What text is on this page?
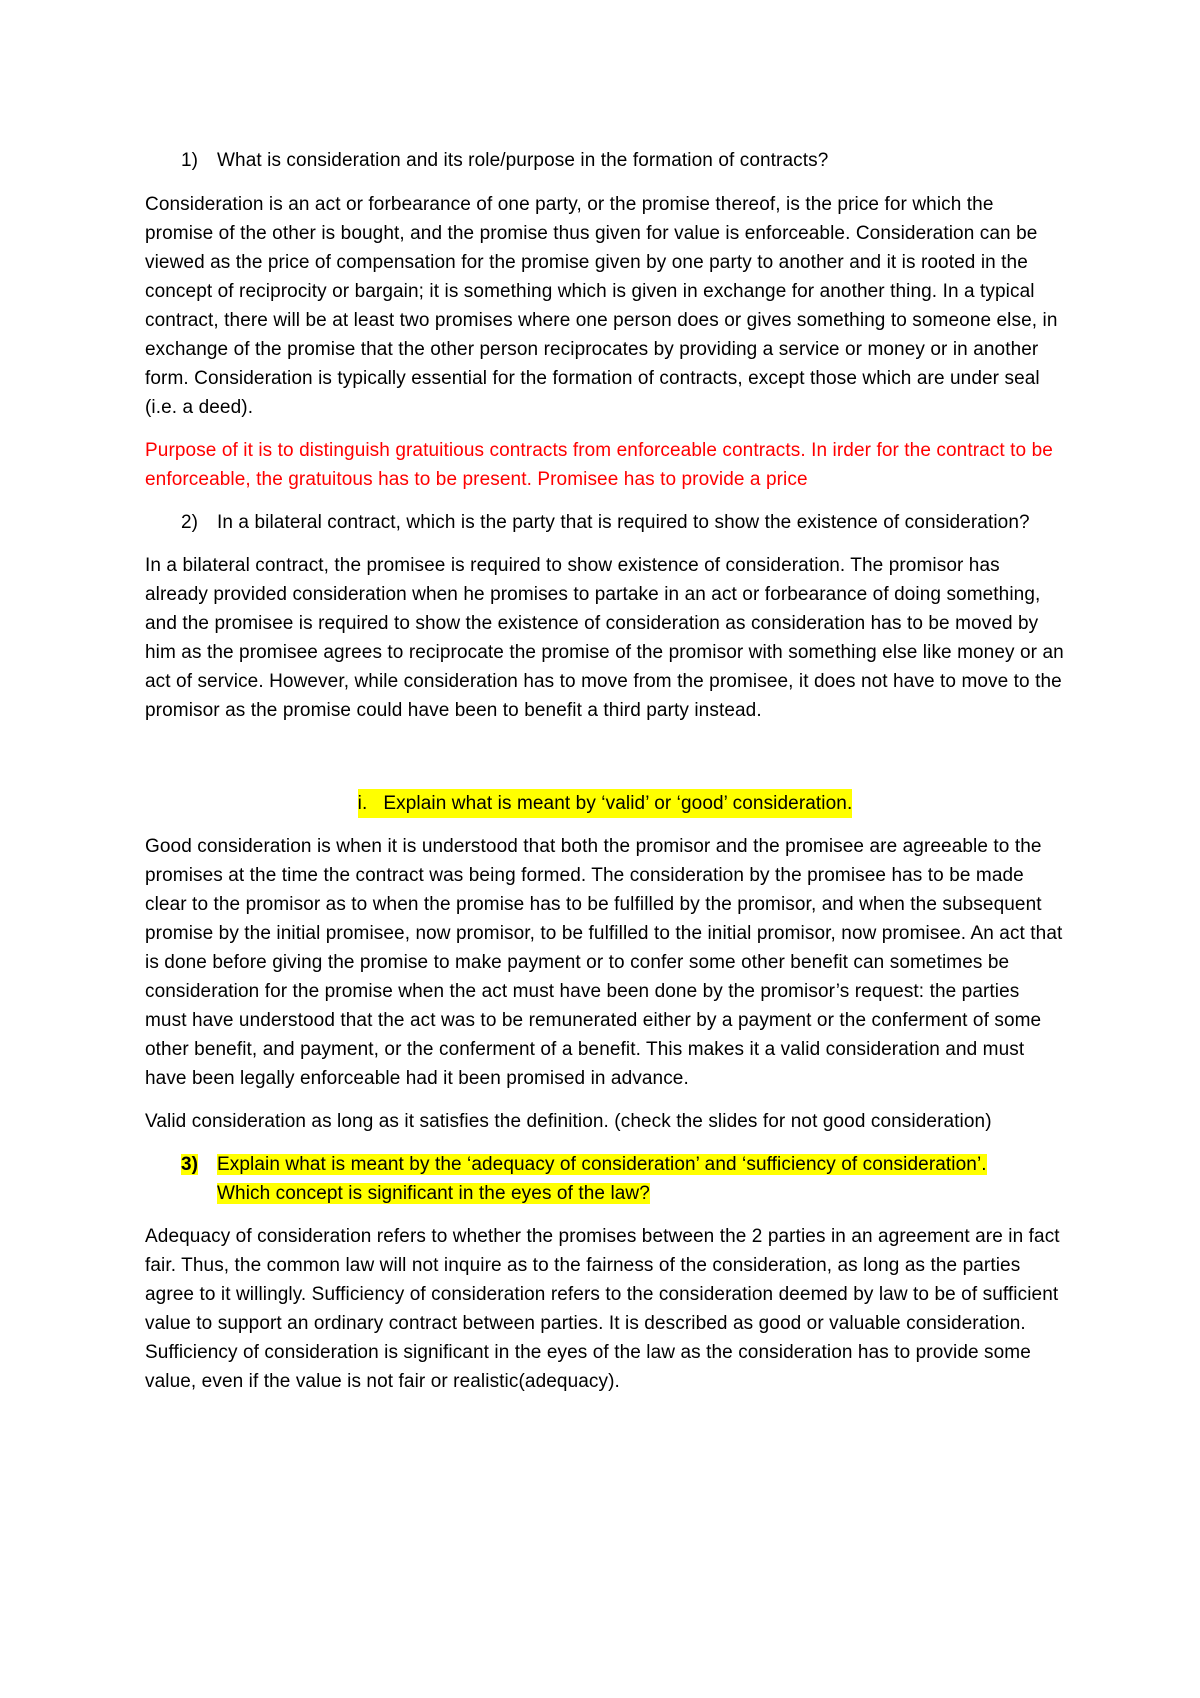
1) What is consideration and its role/purpose in the formation of contracts?

Consideration is an act or forbearance of one party, or the promise thereof, is the price for which the promise of the other is bought, and the promise thus given for value is enforceable. Consideration can be viewed as the price of compensation for the promise given by one party to another and it is rooted in the concept of reciprocity or bargain; it is something which is given in exchange for another thing. In a typical contract, there will be at least two promises where one person does or gives something to someone else, in exchange of the promise that the other person reciprocates by providing a service or money or in another form. Consideration is typically essential for the formation of contracts, except those which are under seal (i.e. a deed).

Purpose of it is to distinguish gratuitious contracts from enforceable contracts. In irder for the contract to be enforceable, the gratuitous has to be present. Promisee has to provide a price

2) In a bilateral contract, which is the party that is required to show the existence of consideration?

In a bilateral contract, the promisee is required to show existence of consideration. The promisor has already provided consideration when he promises to partake in an act or forbearance of doing something, and the promisee is required to show the existence of consideration as consideration has to be moved by him as the promisee agrees to reciprocate the promise of the promisor with something else like money or an act of service. However, while consideration has to move from the promisee, it does not have to move to the promisor as the promise could have been to benefit a third party instead.

i. Explain what is meant by ‘valid’ or ‘good’ consideration.

Good consideration is when it is understood that both the promisor and the promisee are agreeable to the promises at the time the contract was being formed. The consideration by the promisee has to be made clear to the promisor as to when the promise has to be fulfilled by the promisor, and when the subsequent promise by the initial promisee, now promisor, to be fulfilled to the initial promisor, now promisee. An act that is done before giving the promise to make payment or to confer some other benefit can sometimes be consideration for the promise when the act must have been done by the promisor’s request: the parties must have understood that the act was to be remunerated either by a payment or the conferment of some other benefit, and payment, or the conferment of a benefit. This makes it a valid consideration and must have been legally enforceable had it been promised in advance.

Valid consideration as long as it satisfies the definition. (check the slides for not good consideration)

3) Explain what is meant by the ‘adequacy of consideration’ and ‘sufficiency of consideration’.
Which concept is significant in the eyes of the law?

Adequacy of consideration refers to whether the promises between the 2 parties in an agreement are in fact fair. Thus, the common law will not inquire as to the fairness of the consideration, as long as the parties agree to it willingly. Sufficiency of consideration refers to the consideration deemed by law to be of sufficient value to support an ordinary contract between parties. It is described as good or valuable consideration. Sufficiency of consideration is significant in the eyes of the law as the consideration has to provide some value, even if the value is not fair or realistic(adequacy).
